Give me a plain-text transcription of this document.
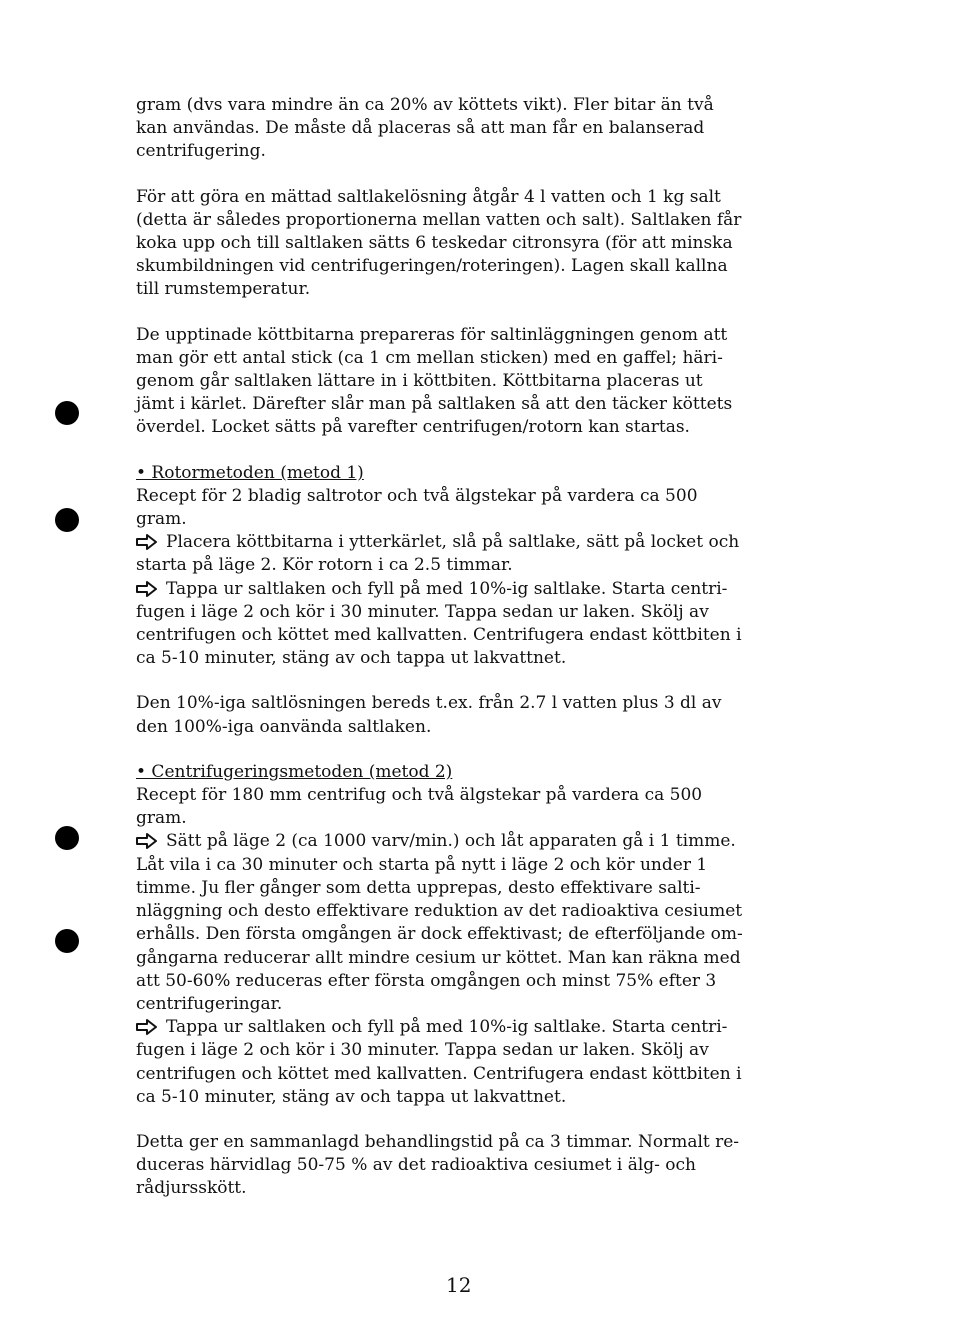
gram (dvs vara mindre än ca 20% av köttets vikt). Fler bitar än två
kan användas. De måste då placeras så att man får en balanserad
centrifugering.

För att göra en mättad saltlakelösning åtgår 4 l vatten och 1 kg salt
(detta är således proportionerna mellan vatten och salt). Saltlaken får
koka upp och till saltlaken sätts 6 teskedar citronsyra (för att minska
skumbildningen vid centrifugeringen/roteringen). Lagen skall kallna
till rumstemperatur.

De upptinade köttbitarna prepareras för saltinläggningen genom att
man gör ett antal stick (ca 1 cm mellan sticken) med en gaffel; häri-
genom går saltlaken lättare in i köttbiten. Köttbitarna placeras ut
jämt i kärlet. Därefter slår man på saltlaken så att den täcker köttets
överdel. Locket sätts på varefter centrifugen/rotorn kan startas.

• Rotormetoden (metod 1)

Recept för 2 bladig saltrotor och två älgstekar på vardera ca 500
gram.

Placera köttbitarna i ytterkärlet, slå på saltlake, sätt på locket och
starta på läge 2. Kör rotorn i ca 2.5 timmar.

Tappa ur saltlaken och fyll på med 10%-ig saltlake. Starta centri-
fugen i läge 2 och kör i 30 minuter. Tappa sedan ur laken. Skölj av
centrifugen och köttet med kallvatten. Centrifugera endast köttbiten i
ca 5-10 minuter, stäng av och tappa ut lakvattnet.

Den 10%-iga saltlösningen bereds t.ex. från 2.7 l vatten plus 3 dl av
den 100%-iga oanvända saltlaken.

• Centrifugeringsmetoden (metod 2)

Recept för 180 mm centrifug och två älgstekar på vardera ca 500
gram.

Sätt på läge 2 (ca 1000 varv/min.) och låt apparaten gå i 1 timme.
Låt vila i ca 30 minuter och starta på nytt i läge 2 och kör under 1
timme. Ju fler gånger som detta upprepas, desto effektivare salti-
nläggning och desto effektivare reduktion av det radioaktiva cesiumet
erhålls. Den första omgången är dock effektivast; de efterföljande om-
gångarna reducerar allt mindre cesium ur köttet. Man kan räkna med
att 50-60% reduceras efter första omgången och minst 75% efter 3
centrifugeringar.

Tappa ur saltlaken och fyll på med 10%-ig saltlake. Starta centri-
fugen i läge 2 och kör i 30 minuter. Tappa sedan ur laken. Skölj av
centrifugen och köttet med kallvatten. Centrifugera endast köttbiten i
ca 5-10 minuter, stäng av och tappa ut lakvattnet.

Detta ger en sammanlagd behandlingstid på ca 3 timmar. Normalt re-
duceras härvidlag 50-75 % av det radioaktiva cesiumet i älg- och
rådjursskött.

12
